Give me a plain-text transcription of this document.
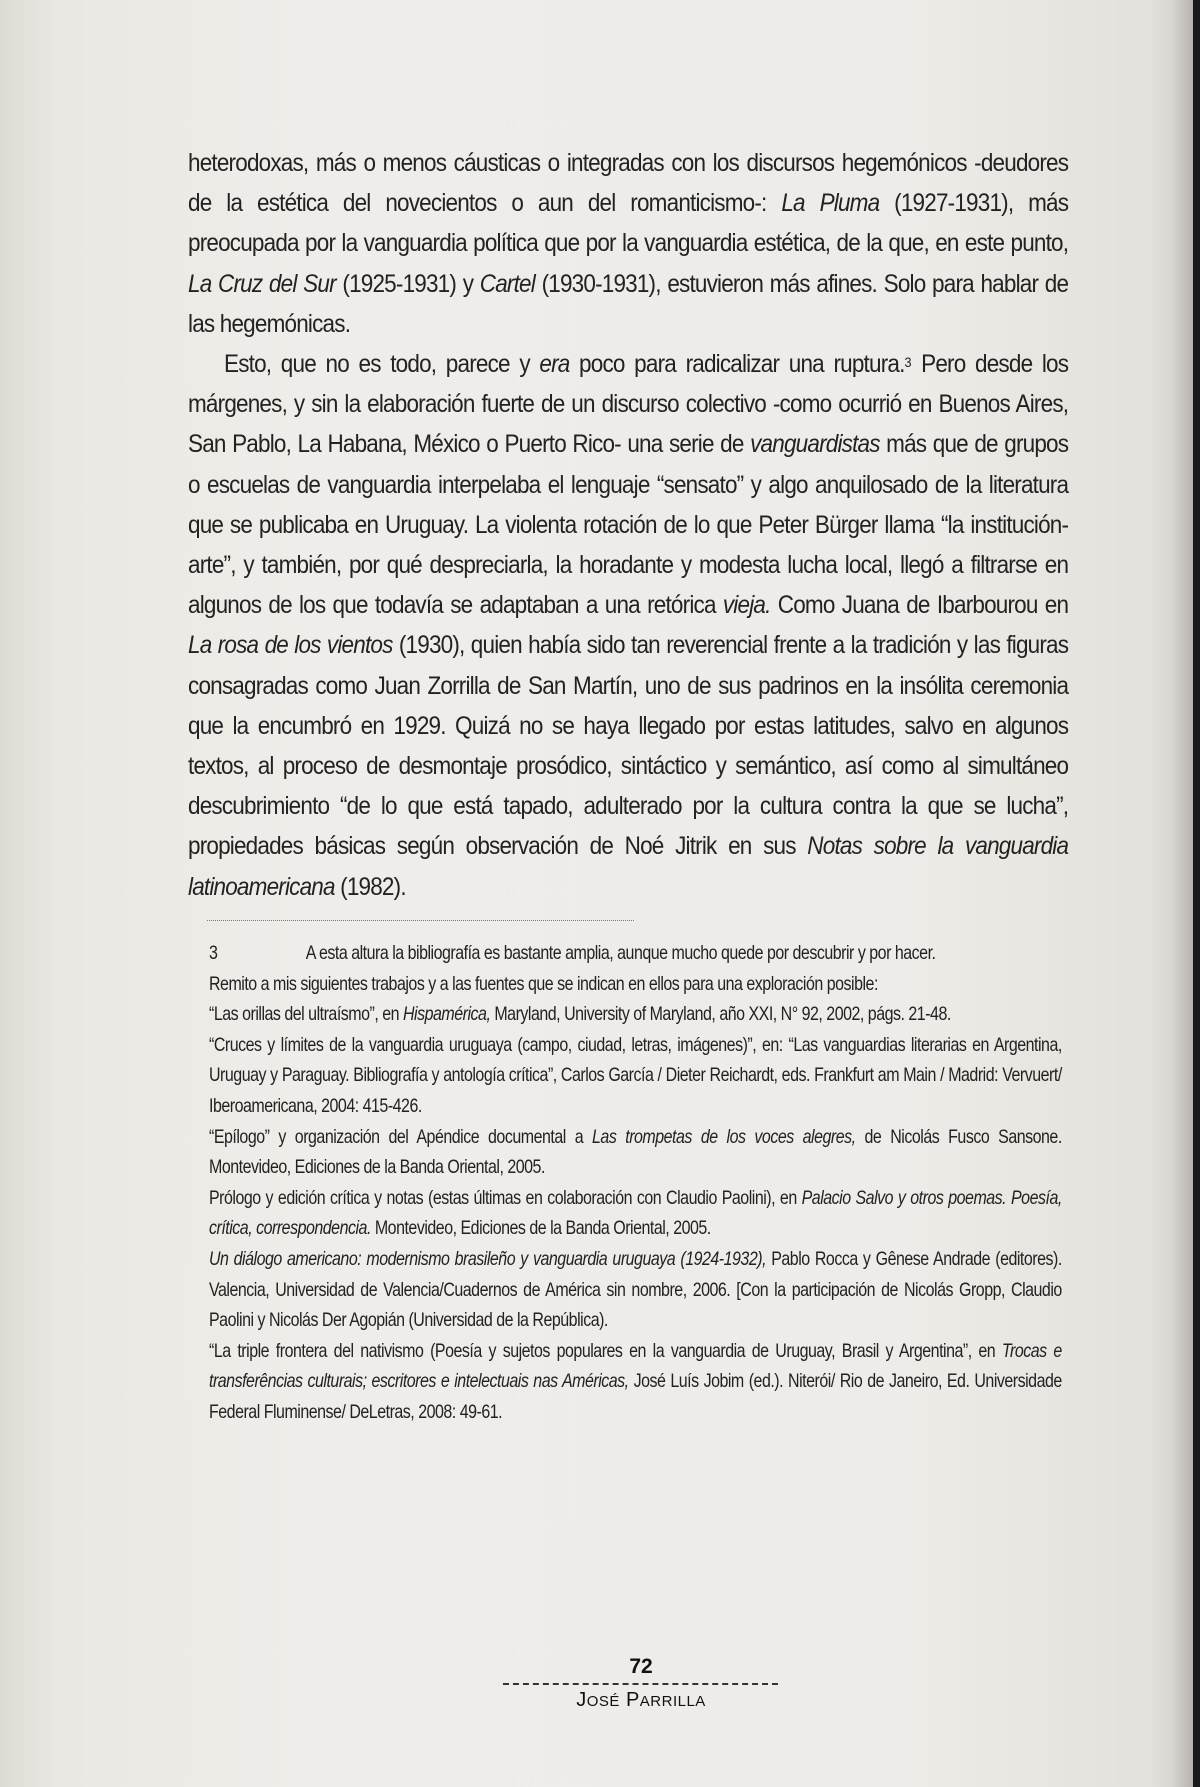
heterodoxas, más o menos cáusticas o integradas con los discursos hegemónicos -deudores de la estética del novecientos o aun del romanticismo-: La Pluma (1927-1931), más preocupada por la vanguardia política que por la vanguardia estética, de la que, en este punto, La Cruz del Sur (1925-1931) y Cartel (1930-1931), estuvieron más afines. Solo para hablar de las hegemónicas.

Esto, que no es todo, parece y era poco para radicalizar una ruptura.$^3$ Pero desde los márgenes, y sin la elaboración fuerte de un discurso colectivo -como ocurrió en Buenos Aires, San Pablo, La Habana, México o Puerto Rico- una serie de vanguardistas más que de grupos o escuelas de vanguardia interpelaba el lenguaje “sensato” y algo anquilosado de la literatura que se publicaba en Uruguay. La violenta rotación de lo que Peter Bürger llama “la institución-arte”, y también, por qué despreciarla, la horadante y modesta lucha local, llegó a filtrarse en algunos de los que todavía se adaptaban a una retórica vieja. Como Juana de Ibarbourou en La rosa de los vientos (1930), quien había sido tan reverencial frente a la tradición y las figuras consagradas como Juan Zorrilla de San Martín, uno de sus padrinos en la insólita ceremonia que la encumbró en 1929. Quizá no se haya llegado por estas latitudes, salvo en algunos textos, al proceso de desmontaje prosódico, sintáctico y semántico, así como al simultáneo descubrimiento “de lo que está tapado, adulterado por la cultura contra la que se lucha”, propiedades básicas según observación de Noé Jitrik en sus Notas sobre la vanguardia latinoamericana (1982).

3	A esta altura la bibliografía es bastante amplia, aunque mucho quede por descubrir y por hacer.

Remito a mis siguientes trabajos y a las fuentes que se indican en ellos para una exploración posible:

“Las orillas del ultraísmo”, en Hispamérica, Maryland, University of Maryland, año XXI, N° 92, 2002, págs. 21-48.

“Cruces y límites de la vanguardia uruguaya (campo, ciudad, letras, imágenes)”, en: “Las vanguardias literarias en Argentina, Uruguay y Paraguay. Bibliografía y antología crítica”, Carlos García / Dieter Reichardt, eds. Frankfurt am Main / Madrid: Vervuert/ Iberoamericana, 2004: 415-426.

“Epílogo” y organización del Apéndice documental a Las trompetas de los voces alegres, de Nicolás Fusco Sansone. Montevideo, Ediciones de la Banda Oriental, 2005.

Prólogo y edición crítica y notas (estas últimas en colaboración con Claudio Paolini), en Palacio Salvo y otros poemas. Poesía, crítica, correspondencia. Montevideo, Ediciones de la Banda Oriental, 2005.

Un diálogo americano: modernismo brasileño y vanguardia uruguaya (1924-1932), Pablo Rocca y Gênese Andrade (editores). Valencia, Universidad de Valencia/Cuadernos de América sin nombre, 2006. [Con la participación de Nicolás Gropp, Claudio Paolini y Nicolás Der Agopián (Universidad de la República).

“La triple frontera del nativismo (Poesía y sujetos populares en la vanguardia de Uruguay, Brasil y Argentina”, en Trocas e transferências culturais; escritores e intelectuais nas Américas, José Luís Jobim (ed.). Niterói/ Rio de Janeiro, Ed. Universidade Federal Fluminense/ DeLetras, 2008: 49-61.

72
JOSÉ PARRILLA
